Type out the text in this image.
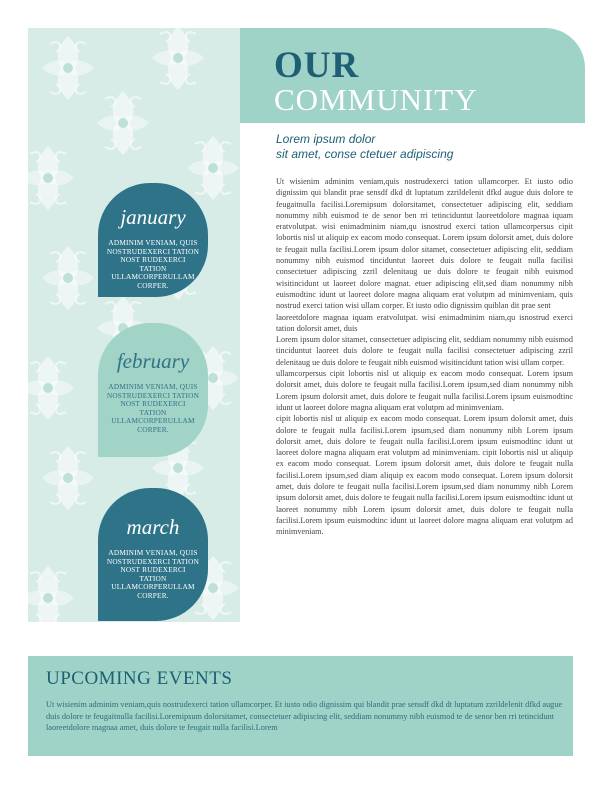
OUR
COMMUNITY
Lorem ipsum dolor
sit amet, conse ctetuer adipiscing

Ut wisienim adminim veniam,quis nostrudexerci tation ullamcorper. Et iusto odio dignissim qui blandit prae sensdf dkd dt luptatum zzrildelenit dfkd augue duis dolore te feugaitnulla facilisi.Loremipsum dolorsitamet, consectetuer adipiscing elit, seddiam nonummy nibh euismod te de senor ben rri tetinciduntut laoreetdolore magnaa iquam eratvolutpat. wisi enimadminim niam,qu isnostrud exerci tation ullamcorpersus cipit lobortis nisl ut aliquip ex eacom modo consequat. Lorem ipsum dolorsit amet, duis dolore te feugait nulla facilisi.Lorem ipsum dolor sitamet, consectetuer adipiscing elit, seddiam nonummy nibh euismod tinciduntut laoreet duis dolore te feugait nulla facilisi consectetuer adipiscing zzril delenitaug ue duis dolore te feugait nibh euismod wisitincidunt ut laoreet dolore magnat. etuer adipiscing elit,sed diam nonummy nibh euismodtinc idunt ut laoreet dolore magna aliquam erat volutpm ad minimveniam, quis nostrud exerci tation wisi ullam corper. Et iusto odio dignissim quiblan dit prae sent

laoreetdolore magnaa iquam eratvolutpat. wisi enimadminim niam,qu isnostrud exerci tation dolorsit amet, duis

Lorem ipsum dolor sitamet, consectetuer adipiscing elit, seddiam nonummy nibh euismod tinciduntut laoreet duis dolore te feugait nulla facilisi consectetuer adipiscing zzril delenitaug ue duis dolore te feugait nibh euismod wisitincidunt tation wisi ullam corper.

ullamcorpersus cipit lobortis nisl ut aliquip ex eacom modo consequat. Lorem ipsum dolorsit amet, duis dolore te feugait nulla facilisi.Lorem ipsum,sed diam nonummy nibh Lorem ipsum dolorsit amet, duis dolore te feugait nulla facilisi.Lorem ipsum euismodtinc idunt ut laoreet dolore magna aliquam erat volutpm ad minimveniam.

cipit lobortis nisl ut aliquip ex eacom modo consequat. Lorem ipsum dolorsit amet, duis dolore te feugait nulla facilisi.Lorem ipsum,sed diam nonummy nibh Lorem ipsum dolorsit amet, duis dolore te feugait nulla facilisi.Lorem ipsum euismodtinc idunt ut laoreet dolore magna aliquam erat volutpm ad minimveniam. cipit lobortis nisl ut aliquip ex eacom modo consequat. Lorem ipsum dolorsit amet, duis dolore te feugait nulla facilisi.Lorem ipsum,sed diam aliquip ex eacom modo consequat. Lorem ipsum dolorsit amet, duis dolore te feugait nulla facilisi.Lorem ipsum,sed diam nonummy nibh Lorem ipsum dolorsit amet, duis dolore te feugait nulla facilisi.Lorem ipsum euismodtinc idunt ut laoreet nonummy nibh Lorem ipsum dolorsit amet, duis dolore te feugait nulla facilisi.Lorem ipsum euismodtinc idunt ut laoreet dolore magna aliquam erat volutpm ad minimveniam.

january
ADMINIM VENIAM, QUIS NOSTRUDEXERCI TATION NOST RUDEXERCI TATION ULLAMCORPERULLAM CORPER.
february
ADMINIM VENIAM, QUIS NOSTRUDEXERCI TATION NOST RUDEXERCI TATION ULLAMCORPERULLAM CORPER.
march
ADMINIM VENIAM, QUIS NOSTRUDEXERCI TATION NOST RUDEXERCI TATION ULLAMCORPERULLAM CORPER.
UPCOMING EVENTS
Ut wisienim adminim veniam,quis nostrudexerci tation ullamcorper. Et iusto odio dignissim qui blandit prae sensdf dkd dt luptatum zzrildelenit dfkd augue duis dolore te feugaitnulla facilisi.Loremipsum dolorsitamet, consectetuer adipiscing elit, seddiam nonummy nibh euismod te de senor ben rri tetincidunt laoreetdolore magnaa amet, duis dolore te feugait nulla facilisi.Lorem
